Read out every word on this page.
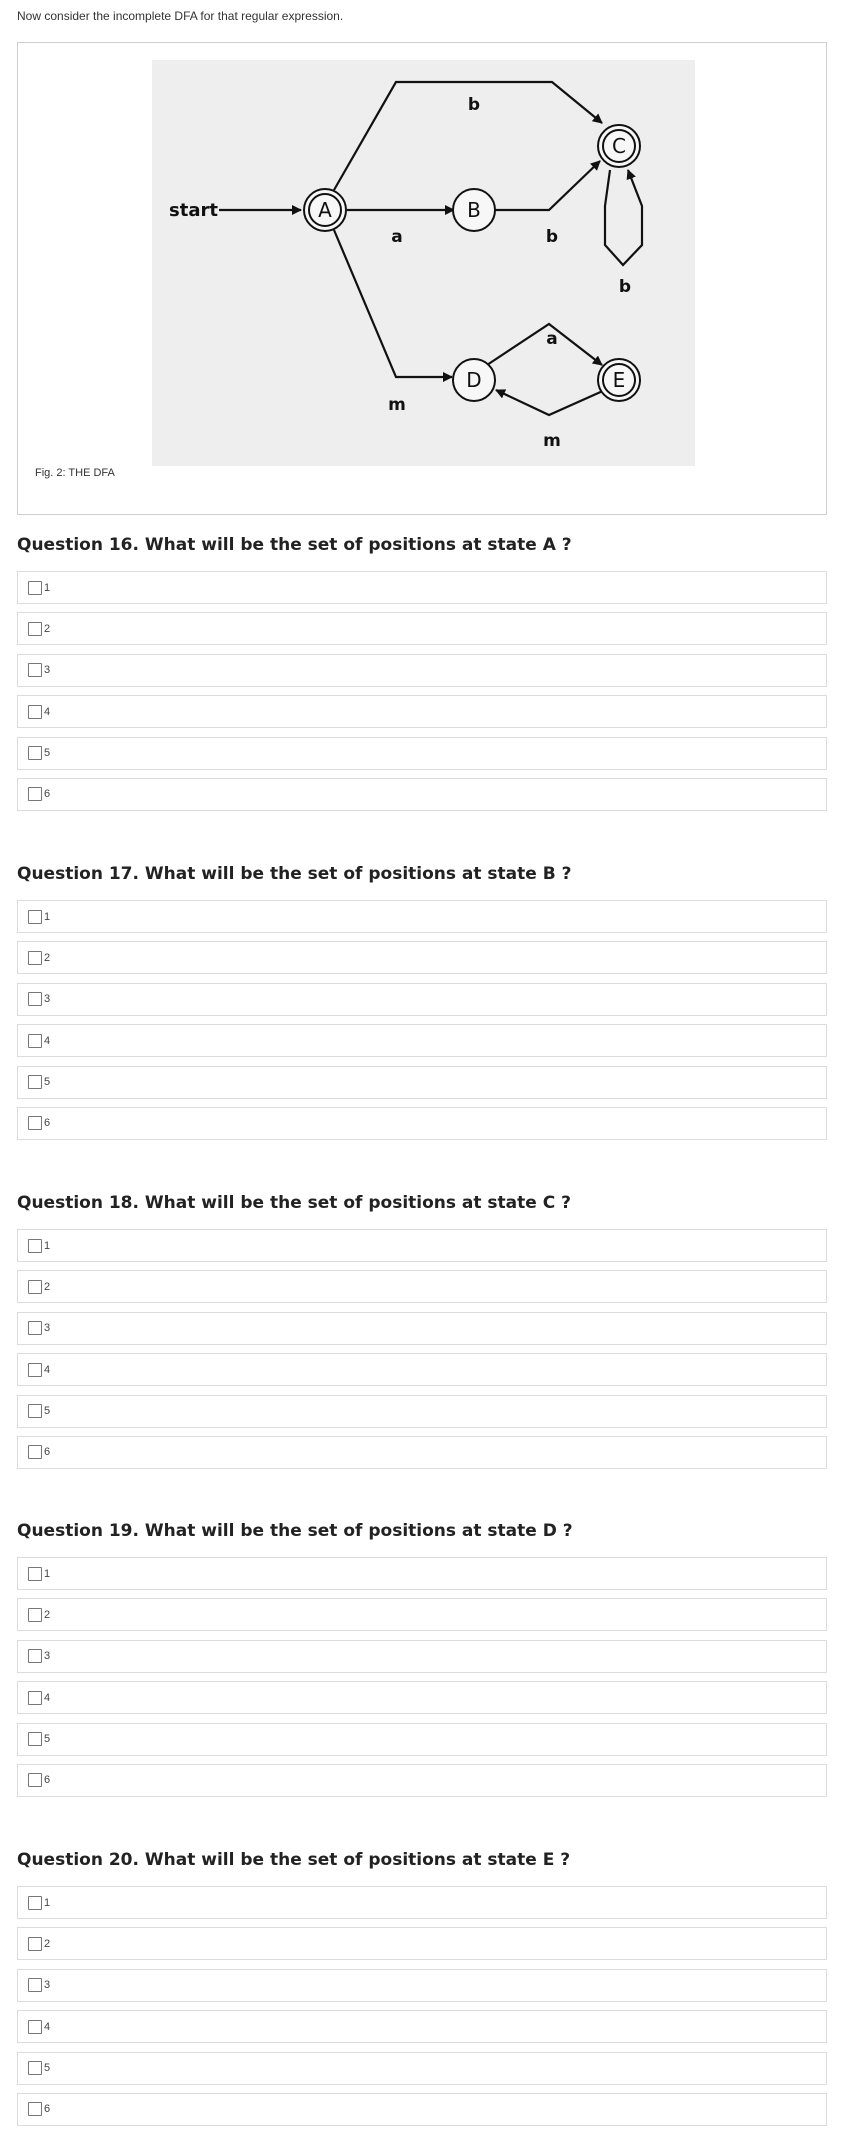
Now consider the incomplete DFA for that regular expression.
A	B
C
D	E
start
b
a	b
b
m
a
m
Fig. 2: THE DFA
Question 16. What will be the set of positions at state A ?
1
2
3
4
5
6
Question 17. What will be the set of positions at state B ?
1
2
3
4
5
6
Question 18. What will be the set of positions at state C ?
1
2
3
4
5
6
Question 19. What will be the set of positions at state D ?
1
2
3
4
5
6
Question 20. What will be the set of positions at state E ?
1
2
3
4
5
6
